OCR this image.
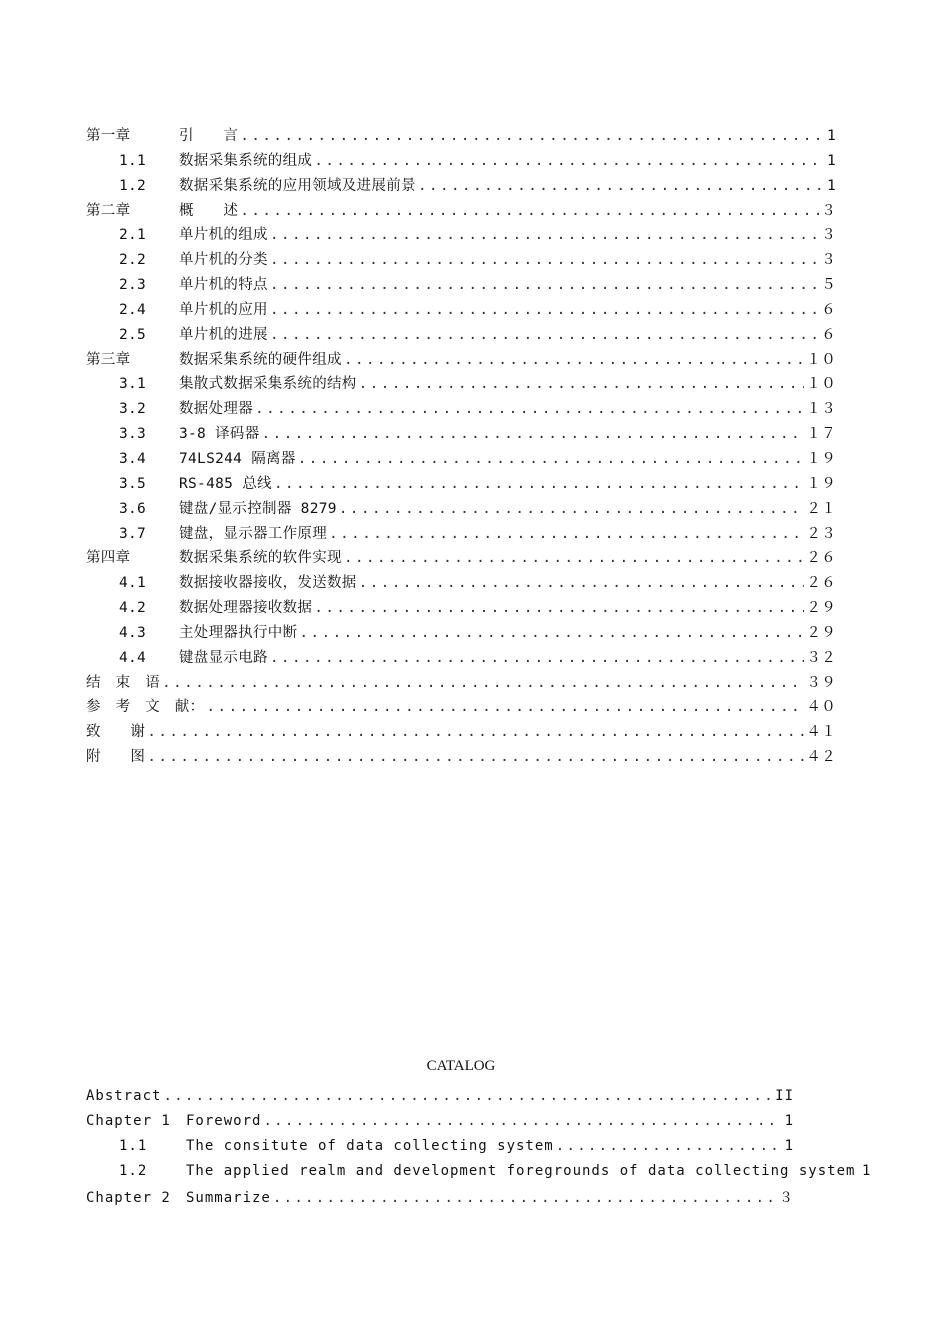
第一章	引　　言 .....	1
1.1	数据采集系统的组成 .....	1
1.2	数据采集系统的应用领域及进展前景 .....	1
第二章	概　　述 .....	３
2.1	单片机的组成 .....	３
2.2	单片机的分类 .....	３
2.3	单片机的特点 .....	５
2.4	单片机的应用 .....	６
2.5	单片机的进展 .....	６
第三章	数据采集系统的硬件组成 .....	１０
3.1	集散式数据采集系统的结构 .....	１０
3.2	数据处理器 .....	１３
3.3	3-8 译码器 .....	１７
3.4	74LS244 隔离器 .....	１９
3.5	RS-485 总线 .....	１９
3.6	键盘/显示控制器 8279 .....	２１
3.7	键盘，显示器工作原理 .....	２３
第四章	数据采集系统的软件实现 .....	２６
4.1	数据接收器接收，发送数据 .....	２６
4.2	数据处理器接收数据 .....	２９
4.3	主处理器执行中断 .....	２９
4.4	键盘显示电路 .....	３２
结　束　语 .....	３９
参　考　文　献： .....	４０
致　　谢 .....	４１
附　　图 .....	４２
CATALOG
Abstract .....	II
Chapter 1	Foreword .....	1
1.1	The consitute of data collecting system .....	1
1.2	The applied realm and development foregrounds of data collecting system 1
Chapter 2	Summarize .....	３
